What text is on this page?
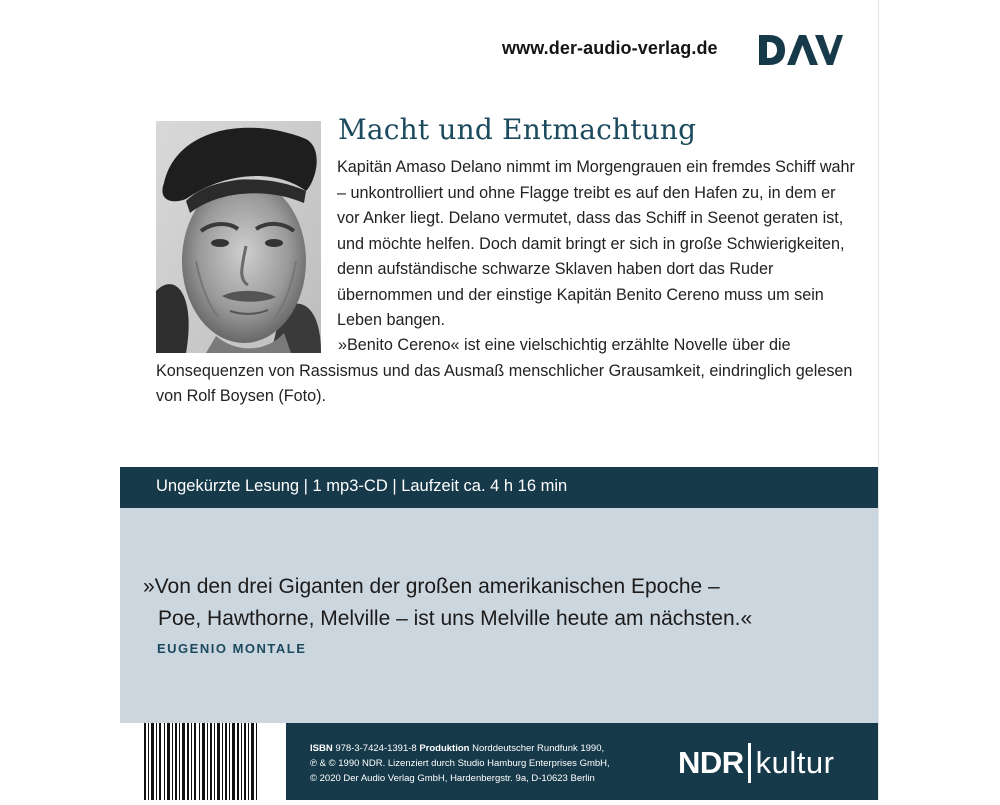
www.der-audio-verlag.de
Macht und Entmachtung

Kapitän Amaso Delano nimmt im Morgengrauen ein fremdes Schiff wahr – unkontrolliert und ohne Flagge treibt es auf den Hafen zu, in dem er vor Anker liegt. Delano vermutet, dass das Schiff in Seenot geraten ist, und möchte helfen. Doch damit bringt er sich in große Schwierigkeiten, denn aufständische schwarze Sklaven haben dort das Ruder übernommen und der einstige Kapitän Benito Cereno muss um sein Leben bangen.

»Benito Cereno« ist eine vielschichtig erzählte Novelle über die
Konsequenzen von Rassismus und das Ausmaß menschlicher Grausamkeit, eindringlich gelesen von Rolf Boysen (Foto).
Ungekürzte Lesung | 1 mp3-CD | Laufzeit ca. 4 h 16 min
»Von den drei Giganten der großen amerikanischen Epoche –
Poe, Hawthorne, Melville – ist uns Melville heute am nächsten.«
EUGENIO MONTALE
ISBN 978-3-7424-1391-8 Produktion Norddeutscher Rundfunk 1990,
℗ & © 1990 NDR. Lizenziert durch Studio Hamburg Enterprises GmbH,
© 2020 Der Audio Verlag GmbH, Hardenbergstr. 9a, D-10623 Berlin	NDR kultur
